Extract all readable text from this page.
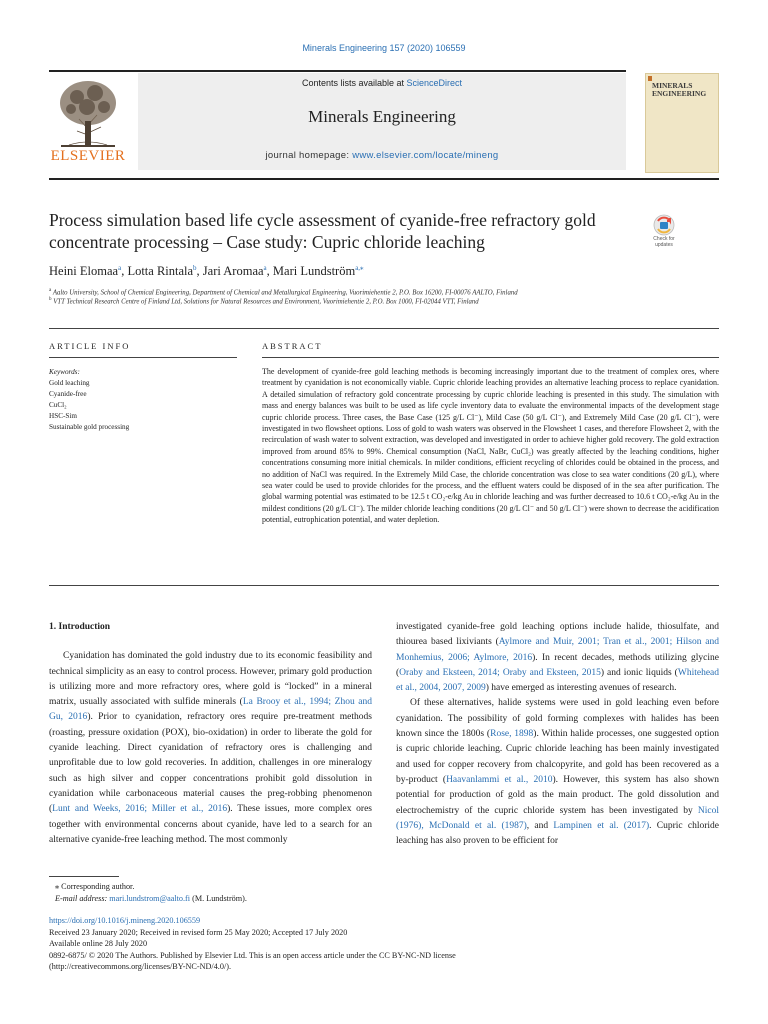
Minerals Engineering 157 (2020) 106559
ELSEVIER
Contents lists available at ScienceDirect
Minerals Engineering
journal homepage: www.elsevier.com/locate/mineng
MINERALS
ENGINEERING
Process simulation based life cycle assessment of cyanide-free refractory gold concentrate processing – Case study: Cupric chloride leaching	Check for
updates
Heini Elomaa$^a$, Lotta Rintala$^b$, Jari Aromaa$^a$, Mari Lundström$^{a,⁎}$
$^a$ Aalto University, School of Chemical Engineering, Department of Chemical and Metallurgical Engineering, Vuorimiehentie 2, P.O. Box 16200, FI-00076 AALTO, Finland
$^b$ VTT Technical Research Centre of Finland Ltd, Solutions for Natural Resources and Environment, Vuorimiehentie 2, P.O. Box 1000, FI-02044 VTT, Finland
ARTICLE INFO	ABSTRACT
Keywords:
Gold leaching
Cyanide-free
CuCl₂
HSC-Sim
Sustainable gold processing
The development of cyanide-free gold leaching methods is becoming increasingly important due to the treatment of complex ores, where treatment by cyanidation is not economically viable. Cupric chloride leaching provides an alternative leaching process to replace cyanidation. A detailed simulation of refractory gold concentrate processing by cupric chloride leaching is presented in this study. The simulation with mass and energy balances was built to be used as life cycle inventory data to evaluate the environmental impacts of the development stage cupric chloride process. Three cases, the Base Case (125 g/L Cl⁻), Mild Case (50 g/L Cl⁻), and Extremely Mild Case (20 g/L Cl⁻), were investigated in two flowsheet options. Loss of gold to wash waters was observed in the Flowsheet 1 cases, and therefore Flowsheet 2, with the recirculation of wash water to solvent extraction, was developed and investigated in order to achieve higher gold recovery. The gold extraction improved from around 85% to 99%. Chemical consumption (NaCl, NaBr, CuCl₂) was greatly affected by the leaching conditions, higher concentrations consuming more initial chemicals. In milder conditions, efficient recycling of chlorides could be obtained in the process, and no addition of NaCl was required. In the Extremely Mild Case, the chloride concentration was close to sea water conditions (20 g/L), where sea water could be used to provide chlorides for the process, and the effluent waters could be disposed of in the sea after purification. The global warming potential was estimated to be 12.5 t CO₂-e/kg Au in chloride leaching and was further decreased to 10.6 t CO₂-e/kg Au in the mildest conditions (20 g/L Cl⁻). The milder chloride leaching conditions (20 g/L Cl⁻ and 50 g/L Cl⁻) were shown to decrease the acidification potential, eutrophication potential, and water depletion.
1. Introduction

Cyanidation has dominated the gold industry due to its economic feasibility and technical simplicity as an easy to control process. However, primary gold production is utilizing more and more refractory ores, where gold is “locked” in a mineral matrix, usually associated with sulfide minerals (La Brooy et al., 1994; Zhou and Gu, 2016). Prior to cyanidation, refractory ores require pre-treatment methods (roasting, pressure oxidation (POX), bio-oxidation) in order to liberate the gold for cyanide leaching. Direct cyanidation of refractory ores is challenging and unprofitable due to low gold recoveries. In addition, challenges in ore mineralogy such as high silver and copper concentrations prohibit gold dissolution in cyanidation while carbonaceous material causes the preg-robbing phenomenon (Lunt and Weeks, 2016; Miller et al., 2016). These issues, more complex ores together with environmental concerns about cyanide, have led to a search for an alternative cyanide-free leaching method. The most commonly

investigated cyanide-free gold leaching options include halide, thiosulfate, and thiourea based lixiviants (Aylmore and Muir, 2001; Tran et al., 2001; Hilson and Monhemius, 2006; Aylmore, 2016). In recent decades, methods utilizing glycine (Oraby and Eksteen, 2014; Oraby and Eksteen, 2015) and ionic liquids (Whitehead et al., 2004, 2007, 2009) have emerged as interesting avenues of research.

Of these alternatives, halide systems were used in gold leaching even before cyanidation. The possibility of gold forming complexes with halides has been known since the 1800s (Rose, 1898). Within halide processes, one suggested option is cupric chloride leaching. Cupric chloride leaching has been mainly investigated and used for copper recovery from chalcopyrite, and gold has been recovered as a by-product (Haavanlammi et al., 2010). However, this system has also shown potential for production of gold as the main product. The gold dissolution and electrochemistry of the cupric chloride system has been investigated by Nicol (1976), McDonald et al. (1987), and Lampinen et al. (2017). Cupric chloride leaching has also proven to be efficient for

⁎ Corresponding author.
E-mail address: mari.lundstrom@aalto.fi (M. Lundström).
https://doi.org/10.1016/j.mineng.2020.106559
Received 23 January 2020; Received in revised form 25 May 2020; Accepted 17 July 2020
Available online 28 July 2020
0892-6875/ © 2020 The Authors. Published by Elsevier Ltd. This is an open access article under the CC BY-NC-ND license
(http://creativecommons.org/licenses/BY-NC-ND/4.0/).
